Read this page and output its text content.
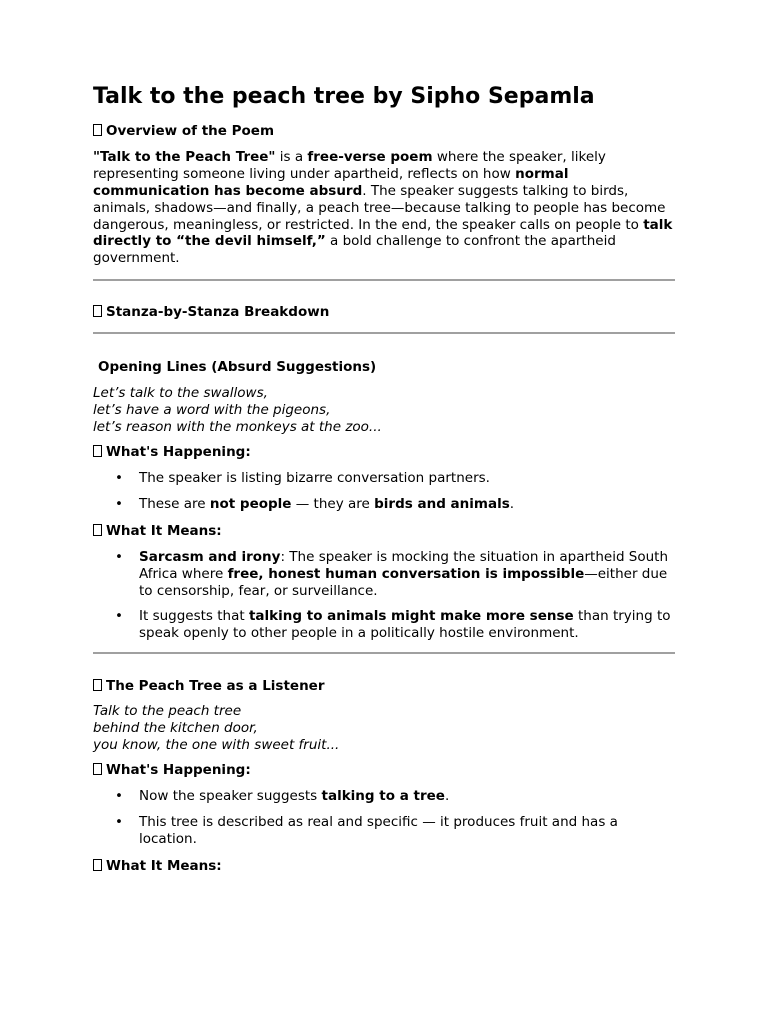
Talk to the peach tree by Sipho Sepamla
Overview of the Poem

"Talk to the Peach Tree" is a free-verse poem where the speaker, likely representing someone living under apartheid, reflects on how normal communication has become absurd. The speaker suggests talking to birds, animals, shadows—and finally, a peach tree—because talking to people has become dangerous, meaningless, or restricted. In the end, the speaker calls on people to talk directly to “the devil himself,” a bold challenge to confront the apartheid government.

Stanza-by-Stanza Breakdown
Opening Lines (Absurd Suggestions)

Let’s talk to the swallows,

let’s have a word with the pigeons,

let’s reason with the monkeys at the zoo...

What's Happening:
• The speaker is listing bizarre conversation partners.
• These are not people — they are birds and animals.
What It Means:
• Sarcasm and irony: The speaker is mocking the situation in apartheid South Africa where free, honest human conversation is impossible—either due to censorship, fear, or surveillance.
• It suggests that talking to animals might make more sense than trying to speak openly to other people in a politically hostile environment.
The Peach Tree as a Listener

Talk to the peach tree

behind the kitchen door,

you know, the one with sweet fruit...

What's Happening:
• Now the speaker suggests talking to a tree.
• This tree is described as real and specific — it produces fruit and has a location.
What It Means:
